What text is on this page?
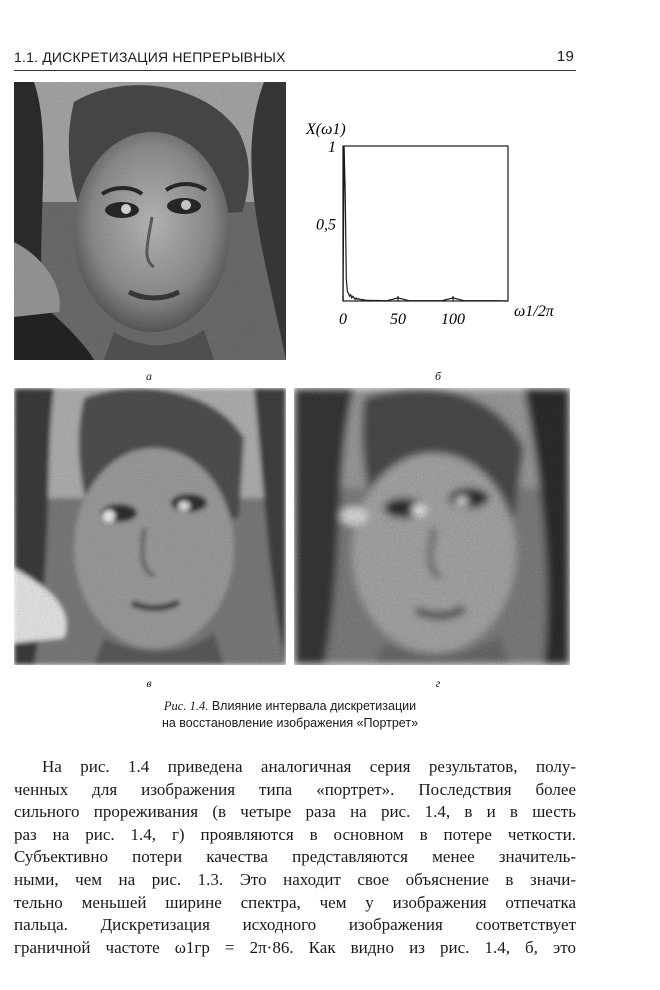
1.1. ДИСКРЕТИЗАЦИЯ НЕПРЕРЫВНЫХ	19
а	б
в	г
X(ω1)
0,5
1
0	50 100	ω1/2π
Рис. 1.4. Влияние интервала дискретизации
на восстановление изображения «Портрет»
На рис. 1.4 приведена аналогичная серия результатов, полу-
ченных для изображения типа «портрет». Последствия более
сильного прореживания (в четыре раза на рис. 1.4, в и в шесть
раз на рис. 1.4, г) проявляются в основном в потере четкости.
Субъективно потери качества представляются менее значитель-
ными, чем на рис. 1.3. Это находит свое объяснение в значи-
тельно меньшей ширине спектра, чем у изображения отпечатка
пальца. Дискретизация исходного изображения соответствует
граничной частоте ω1гр = 2π·86. Как видно из рис. 1.4, б, это
